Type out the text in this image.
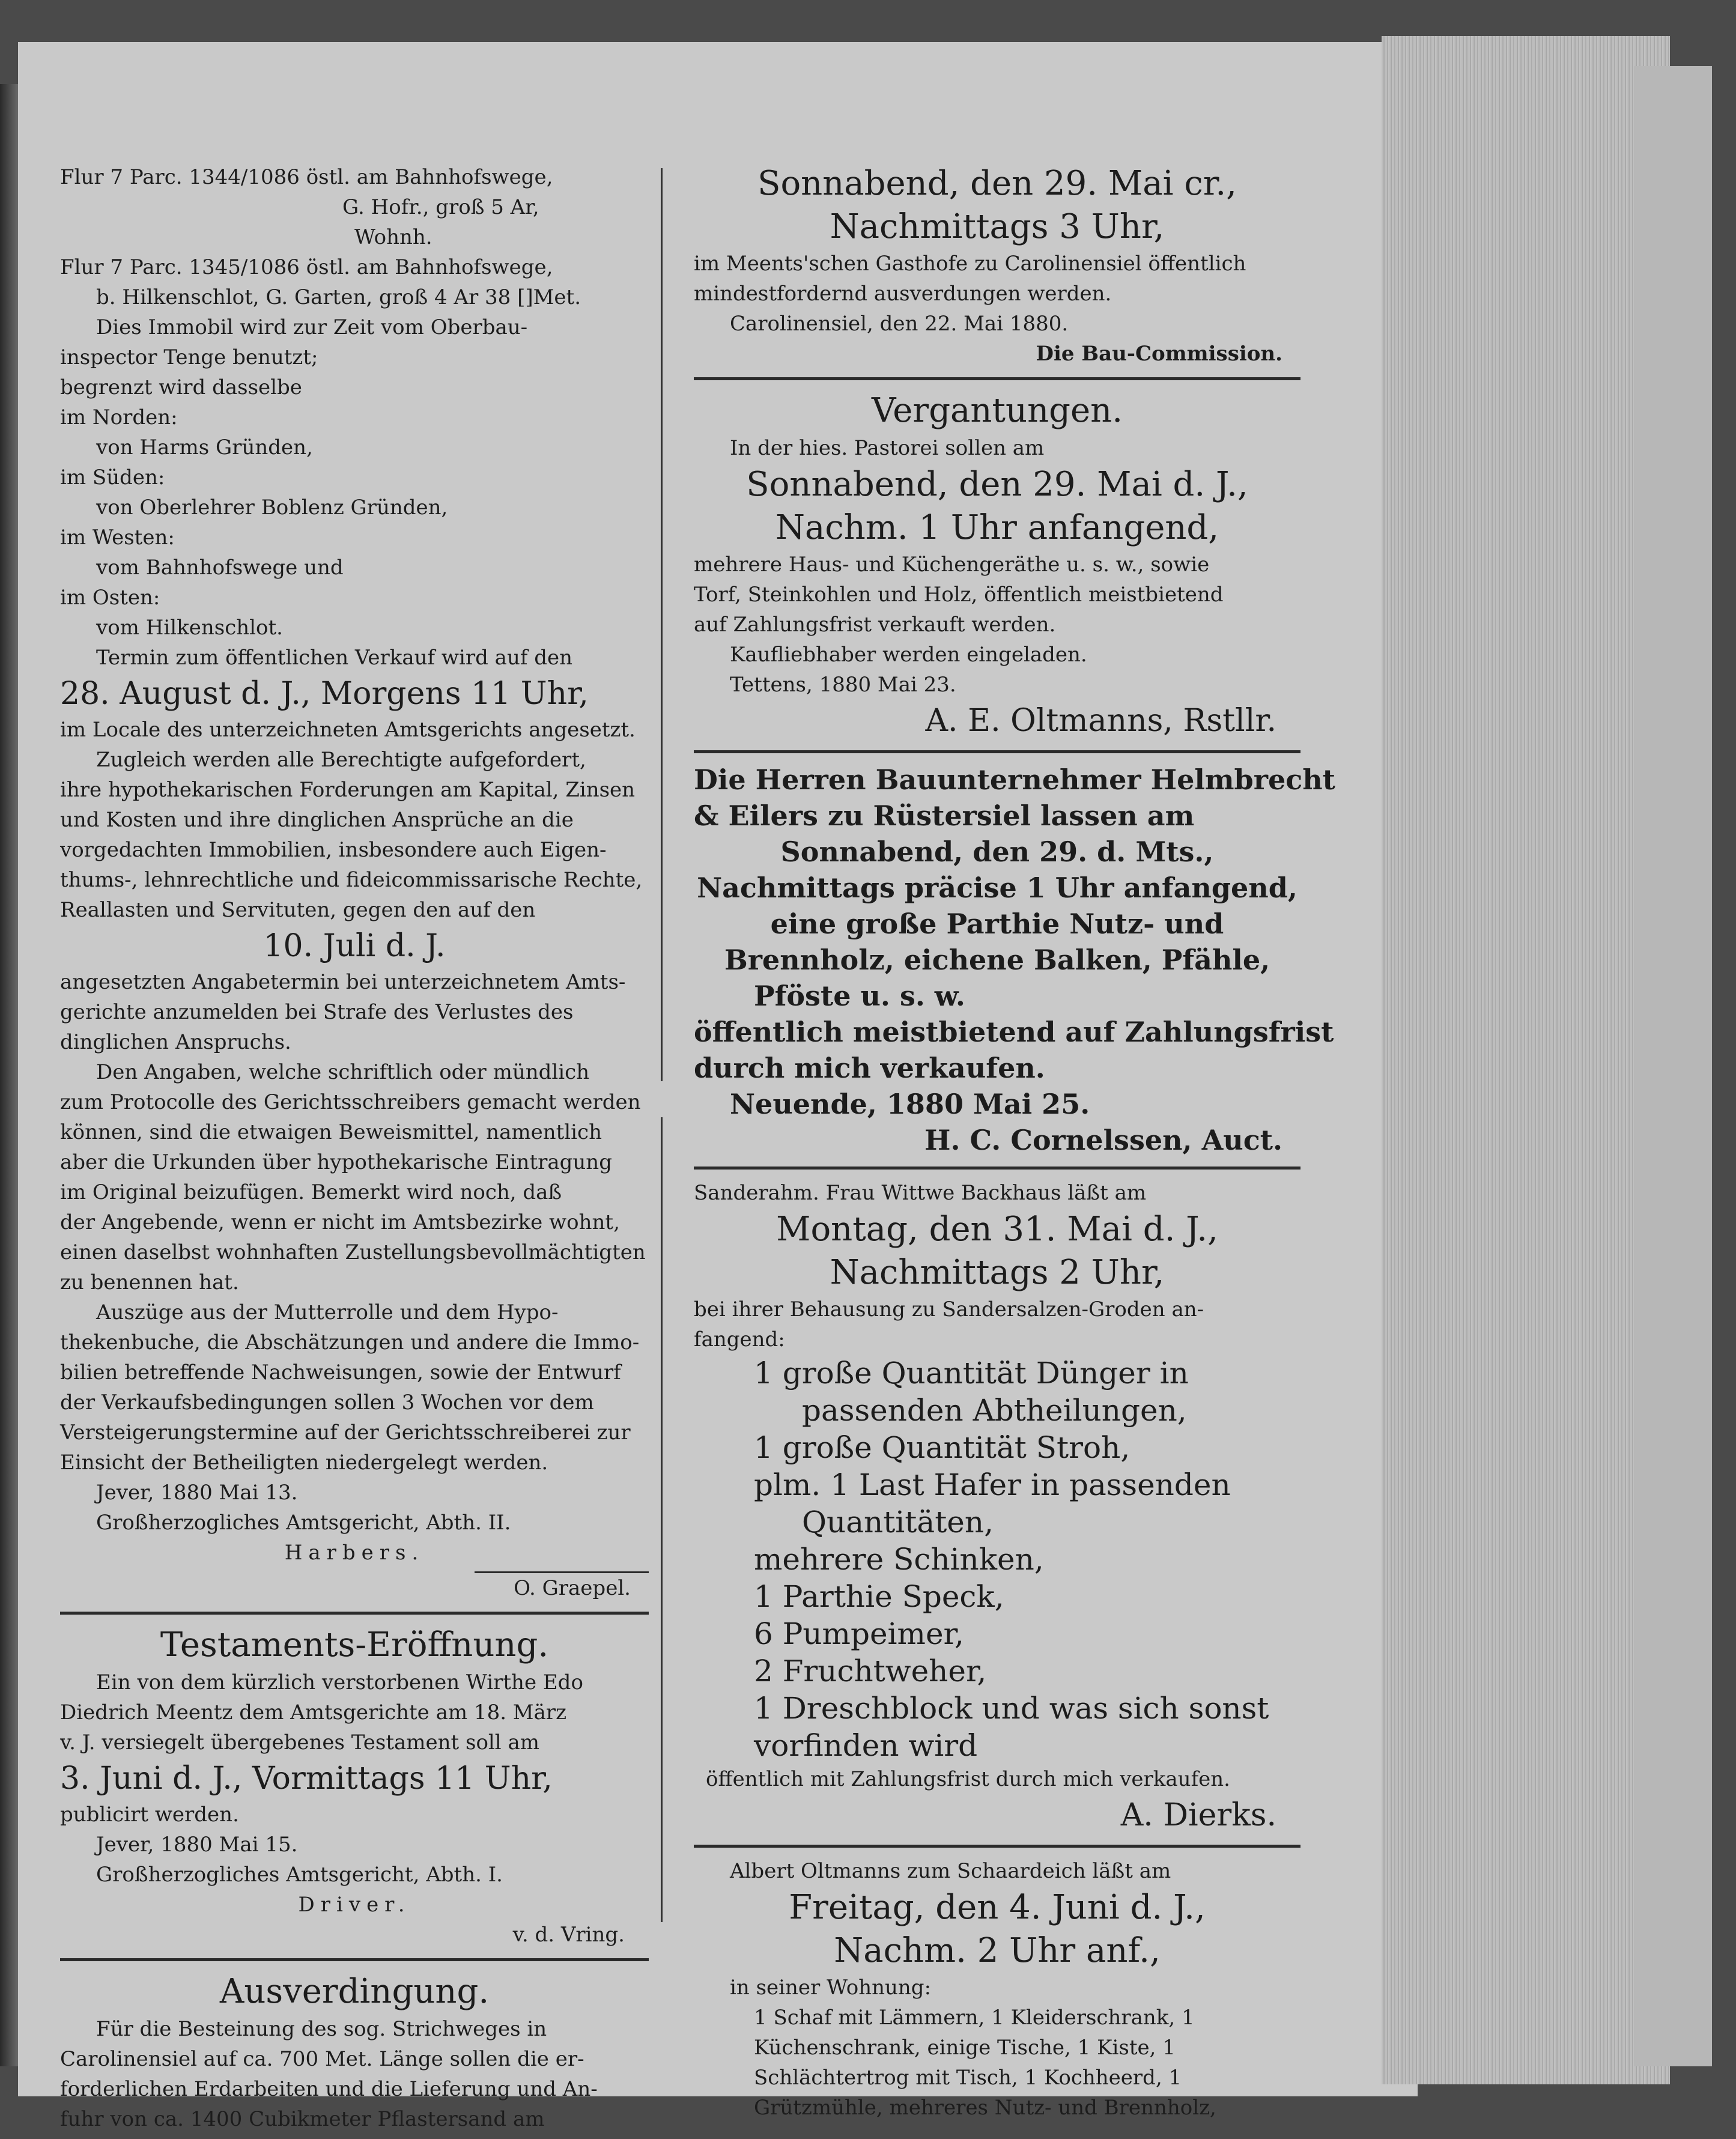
Flur 7 Parc. 1344/1086 östl. am Bahnhofswege,
G. Hofr., groß 5 Ar,
Wohnh.
Flur 7 Parc. 1345/1086 östl. am Bahnhofswege,
b. Hilkenschlot, G. Garten, groß 4 Ar 38 []Met.
Dies Immobil wird zur Zeit vom Oberbau-
inspector Tenge benutzt;
begrenzt wird dasselbe
im Norden:
von Harms Gründen,
im Süden:
von Oberlehrer Boblenz Gründen,
im Westen:
vom Bahnhofswege und
im Osten:
vom Hilkenschlot.
Termin zum öffentlichen Verkauf wird auf den
28. August d. J., Morgens 11 Uhr,
im Locale des unterzeichneten Amtsgerichts angesetzt.
Zugleich werden alle Berechtigte aufgefordert,
ihre hypothekarischen Forderungen am Kapital, Zinsen
und Kosten und ihre dinglichen Ansprüche an die
vorgedachten Immobilien, insbesondere auch Eigen-
thums-, lehnrechtliche und fideicommissarische Rechte,
Reallasten und Servituten, gegen den auf den
10. Juli d. J.
angesetzten Angabetermin bei unterzeichnetem Amts-
gerichte anzumelden bei Strafe des Verlustes des
dinglichen Anspruchs.
Den Angaben, welche schriftlich oder mündlich
zum Protocolle des Gerichtsschreibers gemacht werden
können, sind die etwaigen Beweismittel, namentlich
aber die Urkunden über hypothekarische Eintragung
im Original beizufügen. Bemerkt wird noch, daß
der Angebende, wenn er nicht im Amtsbezirke wohnt,
einen daselbst wohnhaften Zustellungsbevollmächtigten
zu benennen hat.
Auszüge aus der Mutterrolle und dem Hypo-
thekenbuche, die Abschätzungen und andere die Immo-
bilien betreffende Nachweisungen, sowie der Entwurf
der Verkaufsbedingungen sollen 3 Wochen vor dem
Versteigerungstermine auf der Gerichtsschreiberei zur
Einsicht der Betheiligten niedergelegt werden.
Jever, 1880 Mai 13.
Großherzogliches Amtsgericht, Abth. II.
Harbers.
O. Graepel.
Testaments-Eröffnung.
Ein von dem kürzlich verstorbenen Wirthe Edo
Diedrich Meentz dem Amtsgerichte am 18. März
v. J. versiegelt übergebenes Testament soll am
3. Juni d. J., Vormittags 11 Uhr,
publicirt werden.
Jever, 1880 Mai 15.
Großherzogliches Amtsgericht, Abth. I.
Driver.
v. d. Vring.
Ausverdingung.
Für die Besteinung des sog. Strichweges in
Carolinensiel auf ca. 700 Met. Länge sollen die er-
forderlichen Erdarbeiten und die Lieferung und An-
fuhr von ca. 1400 Cubikmeter Pflastersand am
Sonnabend, den 29. Mai cr.,
Nachmittags 3 Uhr,
im Meents'schen Gasthofe zu Carolinensiel öffentlich
mindestfordernd ausverdungen werden.
Carolinensiel, den 22. Mai 1880.
Die Bau-Commission.
Vergantungen.
In der hies. Pastorei sollen am
Sonnabend, den 29. Mai d. J.,
Nachm. 1 Uhr anfangend,
mehrere Haus- und Küchengeräthe u. s. w., sowie
Torf, Steinkohlen und Holz, öffentlich meistbietend
auf Zahlungsfrist verkauft werden.
Kaufliebhaber werden eingeladen.
Tettens, 1880 Mai 23.
A. E. Oltmanns, Rstllr.
Die Herren Bauunternehmer Helmbrecht
& Eilers zu Rüstersiel lassen am
Sonnabend, den 29. d. Mts.,
Nachmittags präcise 1 Uhr anfangend,
eine große Parthie Nutz- und
Brennholz, eichene Balken, Pfähle,
Pföste u. s. w.
öffentlich meistbietend auf Zahlungsfrist
durch mich verkaufen.
Neuende, 1880 Mai 25.
H. C. Cornelssen, Auct.
Sanderahm. Frau Wittwe Backhaus läßt am
Montag, den 31. Mai d. J.,
Nachmittags 2 Uhr,
bei ihrer Behausung zu Sandersalzen-Groden an-
fangend:
1 große Quantität Dünger in
passenden Abtheilungen,
1 große Quantität Stroh,
plm. 1 Last Hafer in passenden
Quantitäten,
mehrere Schinken,
1 Parthie Speck,
6 Pumpeimer,
2 Fruchtweher,
1 Dreschblock und was sich sonst
vorfinden wird
öffentlich mit Zahlungsfrist durch mich verkaufen.
A. Dierks.
Albert Oltmanns zum Schaardeich läßt am
Freitag, den 4. Juni d. J.,
Nachm. 2 Uhr anf.,
in seiner Wohnung:
1 Schaf mit Lämmern, 1 Kleiderschrank, 1
Küchenschrank, einige Tische, 1 Kiste, 1
Schlächtertrog mit Tisch, 1 Kochheerd, 1
Grützmühle, mehreres Nutz- und Brennholz,
